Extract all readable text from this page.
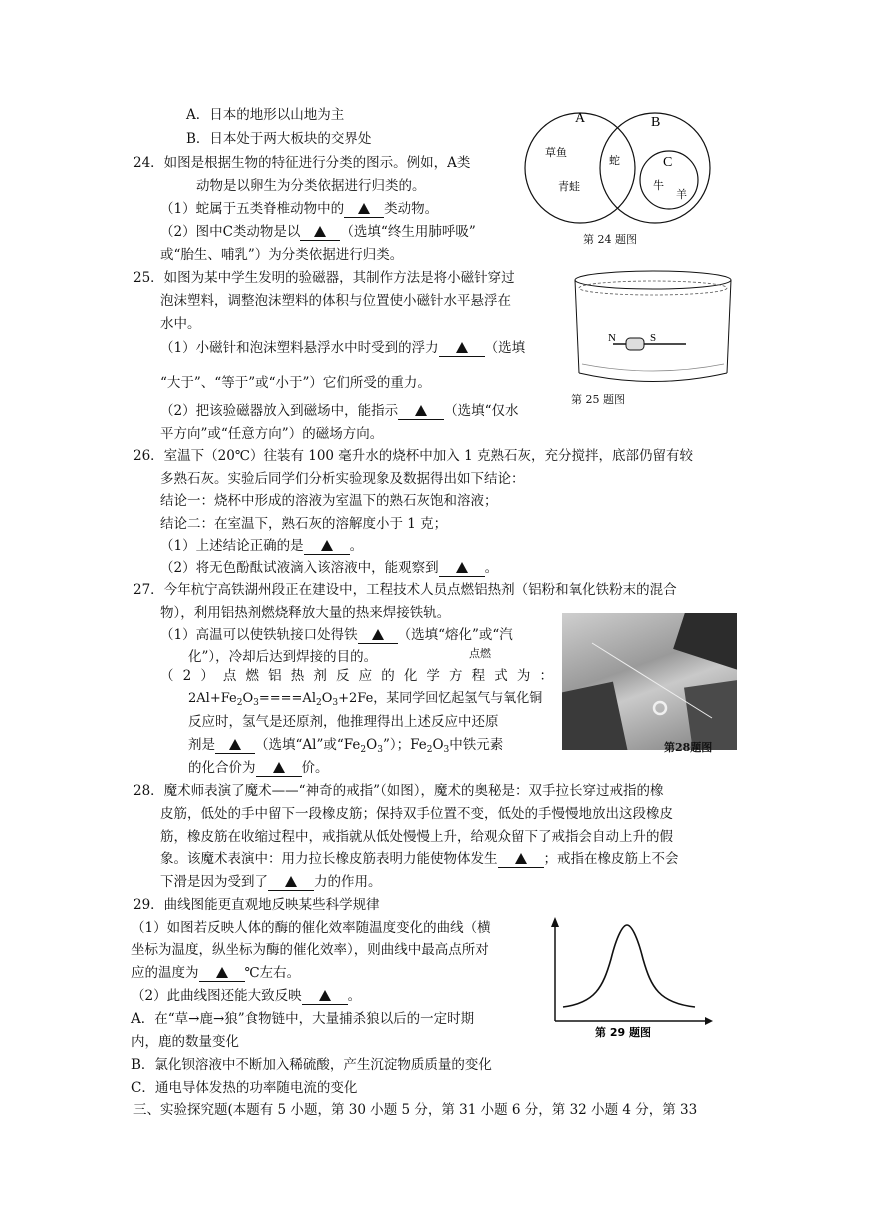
A．日本的地形以山地为主
B．日本处于两大板块的交界处
24．如图是根据生物的特征进行分类的图示。例如，A类
动物是以卵生为分类依据进行归类的。
（1）蛇属于五类脊椎动物中的	类动物。
（2）图中C类动物是以	（选填“终生用肺呼吸”
或“胎生、哺乳”）为分类依据进行归类。
A	B
C
草鱼
青蛙
蛇
牛
羊
第 24 题图
25．如图为某中学生发明的验磁器，其制作方法是将小磁针穿过
泡沫塑料，调整泡沫塑料的体积与位置使小磁针水平悬浮在
水中。
（1）小磁针和泡沫塑料悬浮水中时受到的浮力	（选填
“大于”、“等于”或“小于”）它们所受的重力。
（2）把该验磁器放入到磁场中，能指示	（选填“仅水
平方向”或“任意方向”）的磁场方向。
N	S
第 25 题图
26．室温下（20℃）往装有 100 毫升水的烧杯中加入 1 克熟石灰，充分搅拌，底部仍留有较
多熟石灰。实验后同学们分析实验现象及数据得出如下结论：
结论一：烧杯中形成的溶液为室温下的熟石灰饱和溶液；
结论二：在室温下，熟石灰的溶解度小于 1 克；
（1）上述结论正确的是	。
（2）将无色酚酞试液滴入该溶液中，能观察到	。
27．今年杭宁高铁湖州段正在建设中，工程技术人员点燃铝热剂（铝粉和氧化铁粉末的混合
物），利用铝热剂燃烧释放大量的热来焊接铁轨。
（1）高温可以使铁轨接口处得铁	（选填“熔化”或“汽
化”），冷却后达到焊接的目的。	点燃
（2）点燃铝热剂反应的化学方程式为：
$2Al+Fe_2O_3====Al_2O_3+2Fe$，某同学回忆起氢气与氧化铜
反应时，氢气是还原剂，他推理得出上述反应中还原
剂是	（选填“Al”或“$Fe_2O_3$”）；$Fe_2O_3$中铁元素
的化合价为	价。
第28题图
28．魔术师表演了魔术——“神奇的戒指”（如图），魔术的奥秘是：双手拉长穿过戒指的橡
皮筋，低处的手中留下一段橡皮筋；保持双手位置不变，低处的手慢慢地放出这段橡皮
筋，橡皮筋在收缩过程中，戒指就从低处慢慢上升，给观众留下了戒指会自动上升的假
象。该魔术表演中：用力拉长橡皮筋表明力能使物体发生	；戒指在橡皮筋上不会
下滑是因为受到了	力的作用。
29．曲线图能更直观地反映某些科学规律
（1）如图若反映人体的酶的催化效率随温度变化的曲线（横
坐标为温度，纵坐标为酶的催化效率），则曲线中最高点所对
应的温度为	℃左右。
（2）此曲线图还能大致反映	。
A．在“草→鹿→狼”食物链中，大量捕杀狼以后的一定时期
内，鹿的数量变化
B．氯化钡溶液中不断加入稀硫酸，产生沉淀物质质量的变化
C．通电导体发热的功率随电流的变化
第 29 题图
三、实验探究题(本题有 5 小题，第 30 小题 5 分，第 31 小题 6 分，第 32 小题 4 分，第 33
